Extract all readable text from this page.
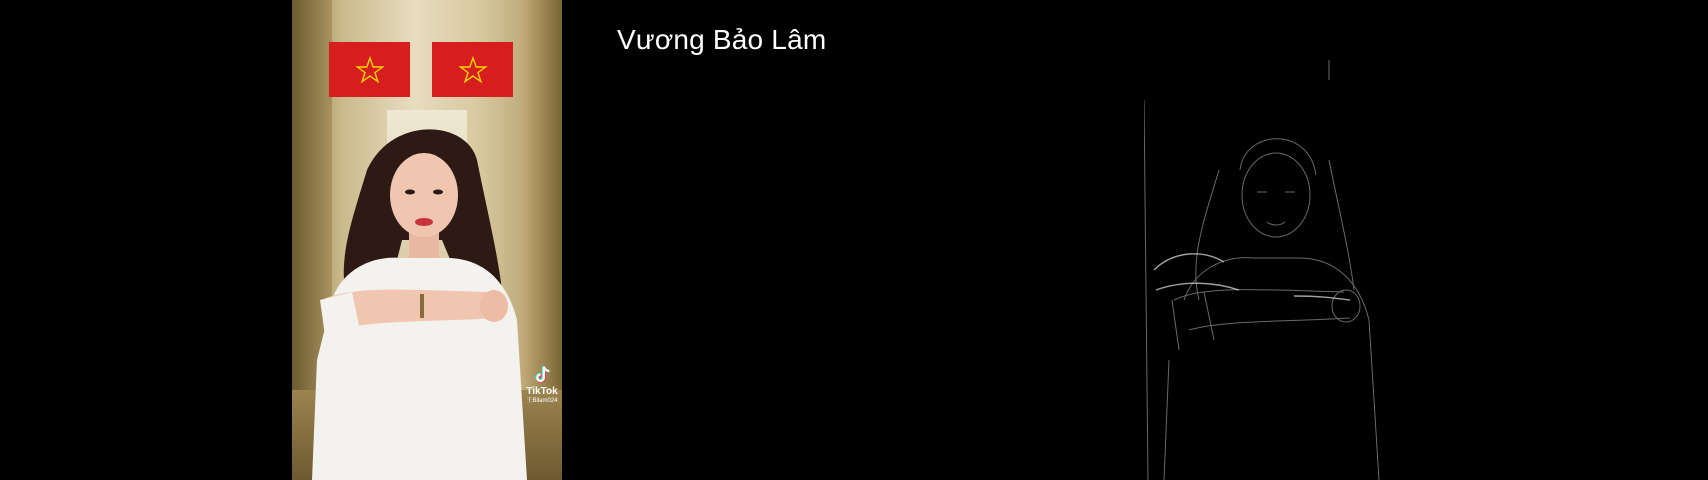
TikTok
王Bilam024
Vương Bảo Lâm
